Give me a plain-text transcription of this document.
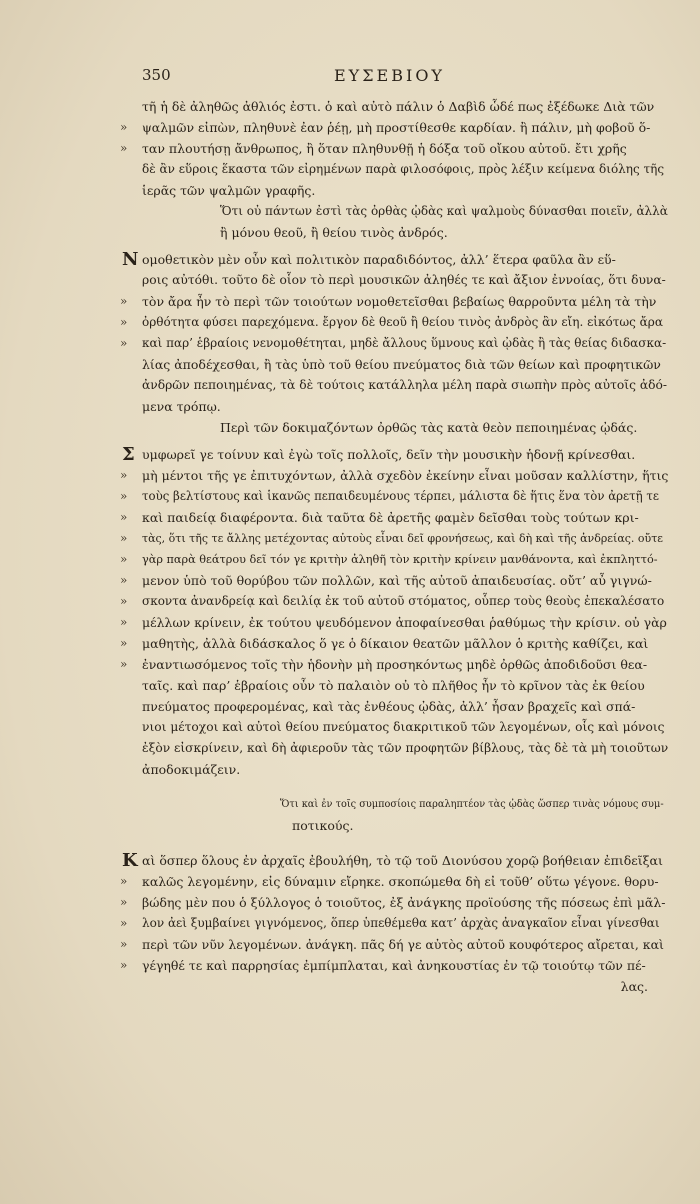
350	ΕΥΣΕΒΙΟΥ
τῆ ἡ δὲ ἀληθῶς ἀθλιός ἐστι. ὁ καὶ αὐτὸ πάλιν ὁ Δαβὶδ ὧδέ πως ἐξέδωκε Διὰ τῶν
»	ψαλμῶν εἰπὼν, πληθυνὲ ἐαν ῥέῃ, μὴ προστίθεσθε καρδίαν. ἢ πάλιν, μὴ φοβοῦ ὅ-
»	ταν πλουτήσῃ ἄνθρωπος, ἢ ὅταν πληθυνθῇ ἡ δόξα τοῦ οἴκου αὐτοῦ. ἔτι χρῆς
δὲ ἂν εὕροις ἕκαστα τῶν εἰρημένων παρὰ φιλοσόφοις, πρὸς λέξιν κείμενα διόλης τῆς
ἱερᾶς τῶν ψαλμῶν γραφῆς.
Ὅτι οὐ πάντων ἐστὶ τὰς ὀρθὰς ᾠδὰς καὶ ψαλμοὺς δύνασθαι ποιεῖν, ἀλλὰ
ἢ μόνου θεοῦ, ἢ θείου τινὸς ἀνδρός.
Ν ομοθετικὸν μὲν οὖν καὶ πολιτικὸν παραδιδόντος, ἀλλ’ ἕτερα φαῦλα ἂν εὕ-
ροις αὐτόθι. τοῦτο δὲ οἷον τὸ περὶ μουσικῶν ἀληθές τε καὶ ἄξιον ἐννοίας, ὅτι δυνα-
»	τὸν ἄρα ἦν τὸ περὶ τῶν τοιούτων νομοθετεῖσθαι βεβαίως θαρροῦντα μέλη τὰ τὴν
»	ὀρθότητα φύσει παρεχόμενα. ἔργον δὲ θεοῦ ἢ θείου τινὸς ἀνδρὸς ἂν εἴη. εἰκότως ἄρα
»	καὶ παρ’ ἑβραίοις νενομοθέτηται, μηδὲ ἄλλους ὕμνους καὶ ᾠδὰς ἢ τὰς θείας διδασκα-
λίας ἀποδέχεσθαι, ἢ τὰς ὑπὸ τοῦ θείου πνεύματος διὰ τῶν θείων καὶ προφητικῶν
ἀνδρῶν πεποιημένας, τὰ δὲ τούτοις κατάλληλα μέλη παρὰ σιωπὴν πρὸς αὐτοῖς ἀδό-
μενα τρόπῳ.
Περὶ τῶν δοκιμαζόντων ὀρθῶς τὰς κατὰ θεὸν πεποιημένας ᾠδάς.
Σ υμφωρεῖ γε τοίνυν καὶ ἐγὼ τοῖς πολλοῖς, δεῖν τὴν μουσικὴν ἡδονῇ κρίνεσθαι.
»	μὴ μέντοι τῆς γε ἐπιτυχόντων, ἀλλὰ σχεδὸν ἐκείνην εἶναι μοῦσαν καλλίστην, ἥτις
»	τοὺς βελτίστους καὶ ἱκανῶς πεπαιδευμένους τέρπει, μάλιστα δὲ ἥτις ἕνα τὸν ἀρετῇ τε
»	καὶ παιδείᾳ διαφέροντα. διὰ ταῦτα δὲ ἀρετῆς φαμὲν δεῖσθαι τοὺς τούτων κρι-
»	τὰς, ὅτι τῆς τε ἄλλης μετέχοντας αὐτοὺς εἶναι δεῖ φρονήσεως, καὶ δὴ καὶ τῆς ἀνδρείας. οὔτε
»	γὰρ παρὰ θεάτρου δεῖ τόν γε κριτὴν ἀληθῆ τὸν κριτὴν κρίνειν μανθάνοντα, καὶ ἐκπληττό-
»	μενον ὑπὸ τοῦ θορύβου τῶν πολλῶν, καὶ τῆς αὐτοῦ ἀπαιδευσίας. οὔτ’ αὖ γιγνώ-
»	σκοντα ἀνανδρείᾳ καὶ δειλίᾳ ἐκ τοῦ αὐτοῦ στόματος, οὗπερ τοὺς θεοὺς ἐπεκαλέσατο
»	μέλλων κρίνειν, ἐκ τούτου ψευδόμενον ἀποφαίνεσθαι ῥαθύμως τὴν κρίσιν. οὐ γὰρ
»	μαθητὴς, ἀλλὰ διδάσκαλος ὅ γε ὁ δίκαιον θεατῶν μᾶλλον ὁ κριτὴς καθίζει, καὶ
»	ἐναντιωσόμενος τοῖς τὴν ἡδονὴν μὴ προσηκόντως μηδὲ ὀρθῶς ἀποδιδοῦσι θεα-
ταῖς. καὶ παρ’ ἑβραίοις οὖν τὸ παλαιὸν οὐ τὸ πλῆθος ἦν τὸ κρῖνον τὰς ἐκ θείου
πνεύματος προφερομένας, καὶ τὰς ἐνθέους ᾠδὰς, ἀλλ’ ἦσαν βραχεῖς καὶ σπά-
νιοι μέτοχοι καὶ αὐτοὶ θείου πνεύματος διακριτικοῦ τῶν λεγομένων, οἷς καὶ μόνοις
ἐξὸν εἰσκρίνειν, καὶ δὴ ἀφιεροῦν τὰς τῶν προφητῶν βίβλους, τὰς δὲ τὰ μὴ τοιοῦτων
ἀποδοκιμάζειν.
Ὅτι καὶ ἐν τοῖς συμποσίοις παραληπτέον τὰς ᾠδὰς ὥσπερ τινὰς νόμους συμ-
ποτικούς.
Κ αὶ ὅσπερ ὅλους ἐν ἀρχαῖς ἐβουλήθη, τὸ τῷ τοῦ Διονύσου χορῷ βοήθειαν ἐπιδεῖξαι
»	καλῶς λεγομένην, εἰς δύναμιν εἴρηκε. σκοπώμεθα δὴ εἰ τοῦθ’ οὕτω γέγονε. θορυ-
»	βώδης μὲν που ὁ ξύλλογος ὁ τοιοῦτος, ἐξ ἀνάγκης προϊούσης τῆς πόσεως ἐπὶ μᾶλ-
»	λον ἀεὶ ξυμβαίνει γιγνόμενος, ὅπερ ὑπεθέμεθα κατ’ ἀρχὰς ἀναγκαῖον εἶναι γίνεσθαι
»	περὶ τῶν νῦν λεγομένων. ἀνάγκη. πᾶς δή γε αὐτὸς αὐτοῦ κουφότερος αἴρεται, καὶ
»	γέγηθέ τε καὶ παρρησίας ἐμπίμπλαται, καὶ ἀνηκουστίας ἐν τῷ τοιούτῳ τῶν πέ-
λας.
